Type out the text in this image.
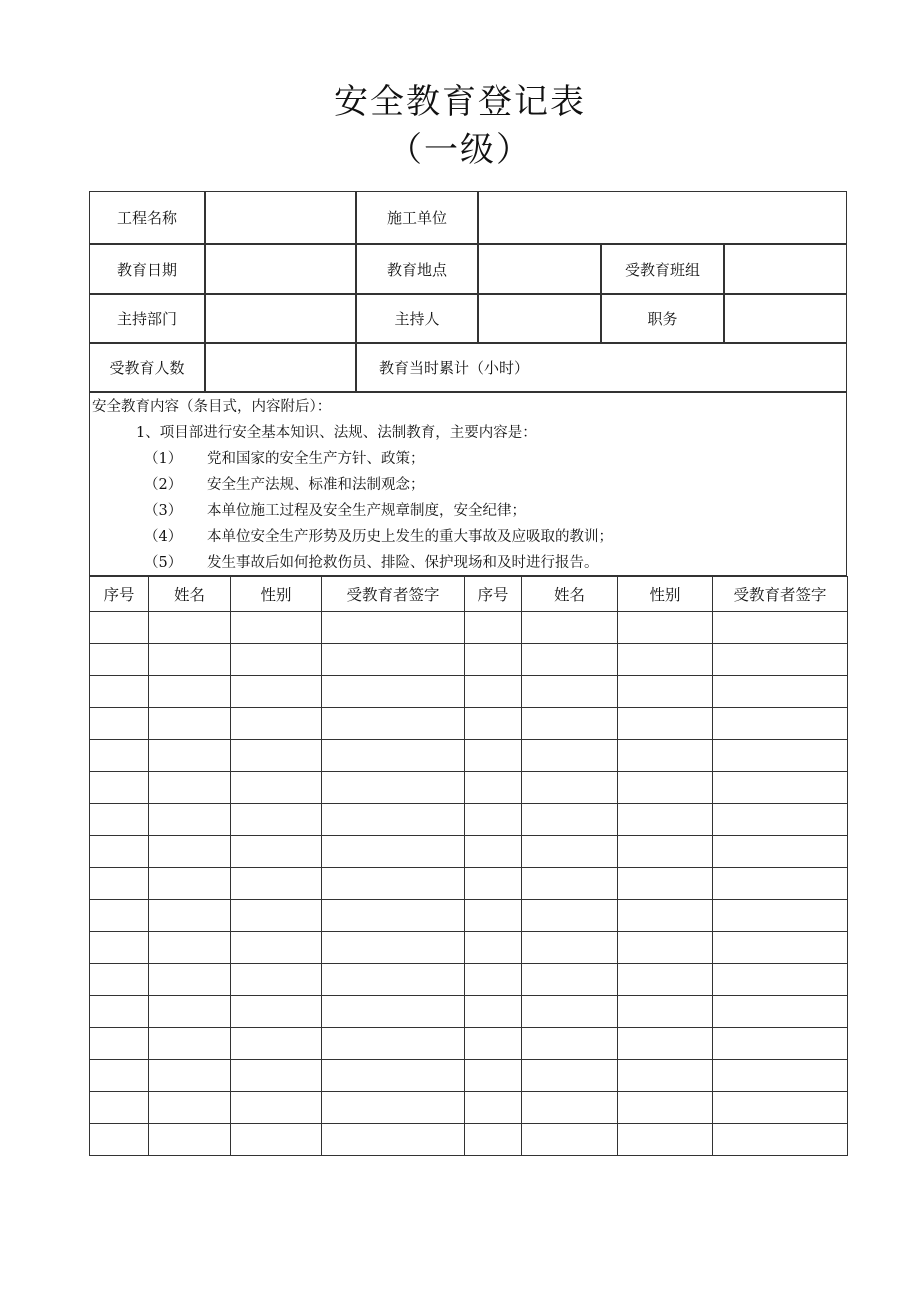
安全教育登记表
（一级）
工程名称	施工单位
教育日期	教育地点	受教育班组
主持部门	主持人	职务
受教育人数	教育当时累计（小时）
安全教育内容（条目式，内容附后）：
1、项目部进行安全基本知识、法规、法制教育，主要内容是：
（1） 党和国家的安全生产方针、政策；
（2） 安全生产法规、标准和法制观念；
（3） 本单位施工过程及安全生产规章制度，安全纪律；
（4） 本单位安全生产形势及历史上发生的重大事故及应吸取的教训；
（5） 发生事故后如何抢救伤员、排险、保护现场和及时进行报告。
序号	姓名	性别	受教育者签字	序号	姓名	性别	受教育者签字
